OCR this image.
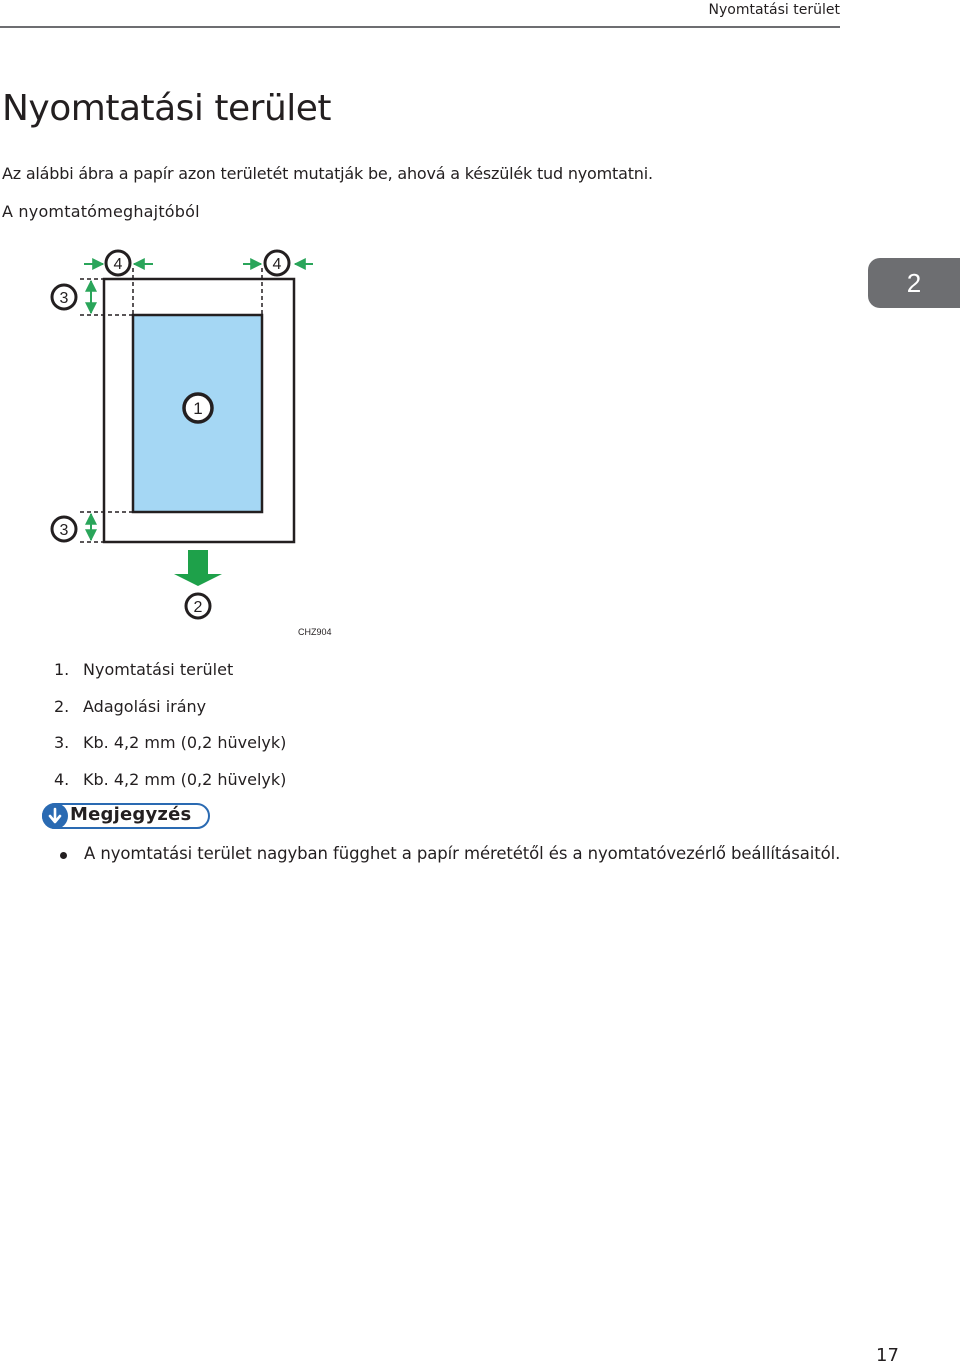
Nyomtatási terület
Nyomtatási terület

Az alábbi ábra a papír azon területét mutatják be, ahová a készülék tud nyomtatni.

A nyomtatómeghajtóból

2
4	4
3
3
1
2
CHZ904
1. Nyomtatási terület
2. Adagolási irány
3. Kb. 4,2 mm (0,2 hüvelyk)
4. Kb. 4,2 mm (0,2 hüvelyk)
Megjegyzés
A nyomtatási terület nagyban függhet a papír méretétől és a nyomtatóvezérlő beállításaitól.
17
